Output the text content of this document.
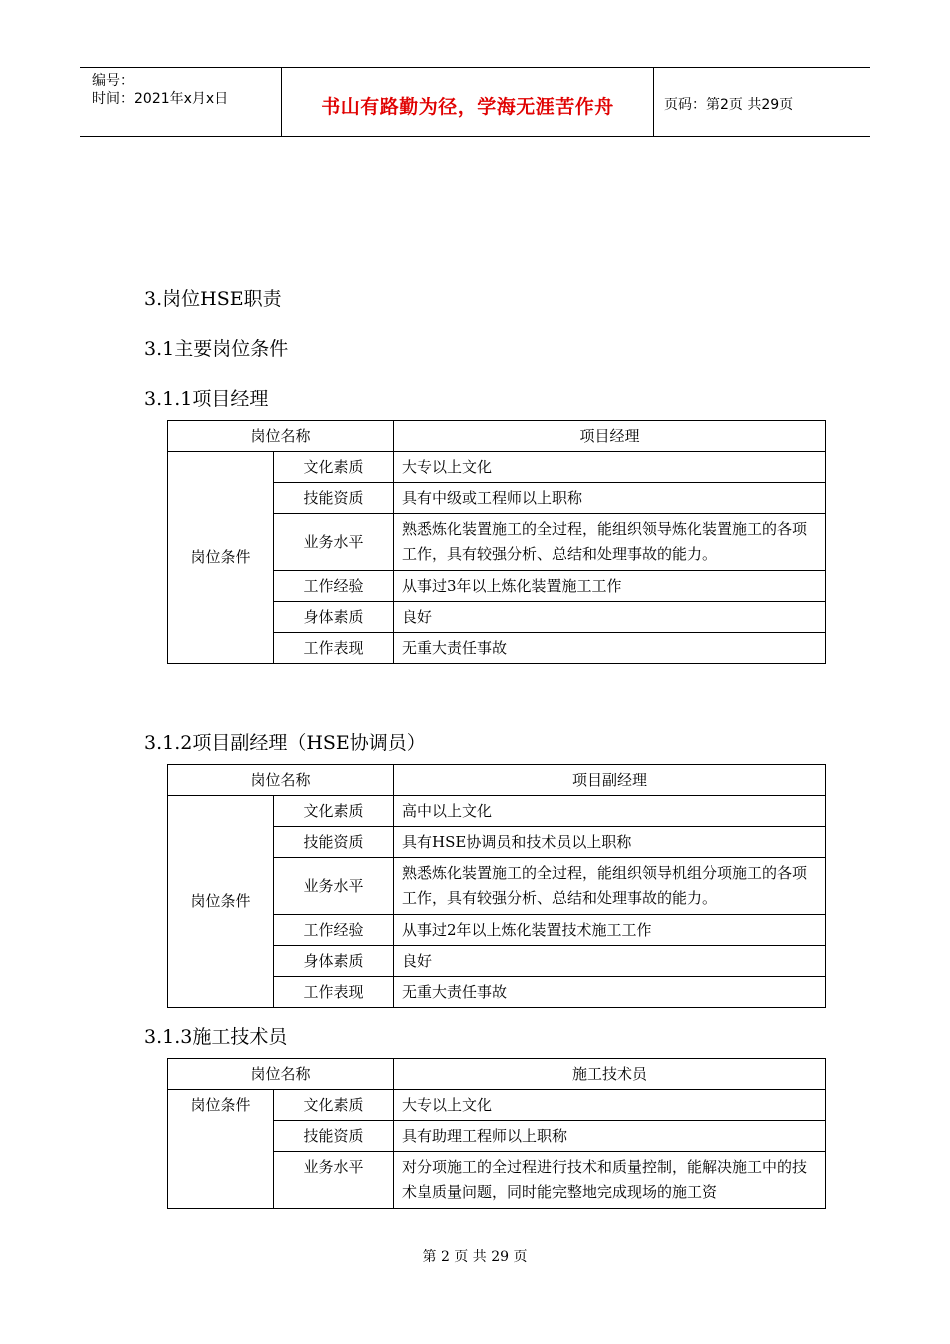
编号：
时间：2021年x月x日	书山有路勤为径，学海无涯苦作舟	页码：第2页 共29页
3.岗位HSE职责
3.1主要岗位条件
3.1.1项目经理
岗位名称		项目经理
岗位条件	文化素质	大专以上文化
	技能资质	具有中级或工程师以上职称
	业务水平	熟悉炼化装置施工的全过程，能组织领导炼化装置施工的各项工作，具有较强分析、总结和处理事故的能力。
	工作经验	从事过3年以上炼化装置施工工作
	身体素质	良好
	工作表现	无重大责任事故
3.1.2项目副经理（HSE协调员）
岗位名称		项目副经理
岗位条件	文化素质	高中以上文化
	技能资质	具有HSE协调员和技术员以上职称
	业务水平	熟悉炼化装置施工的全过程，能组织领导机组分项施工的各项工作，具有较强分析、总结和处理事故的能力。
	工作经验	从事过2年以上炼化装置技术施工工作
	身体素质	良好
	工作表现	无重大责任事故
3.1.3施工技术员
岗位名称		施工技术员
岗位条件	文化素质	大专以上文化
	技能资质	具有助理工程师以上职称
	业务水平	对分项施工的全过程进行技术和质量控制，能解决施工中的技术皇质量问题，同时能完整地完成现场的施工资
第 2 页 共 29 页
